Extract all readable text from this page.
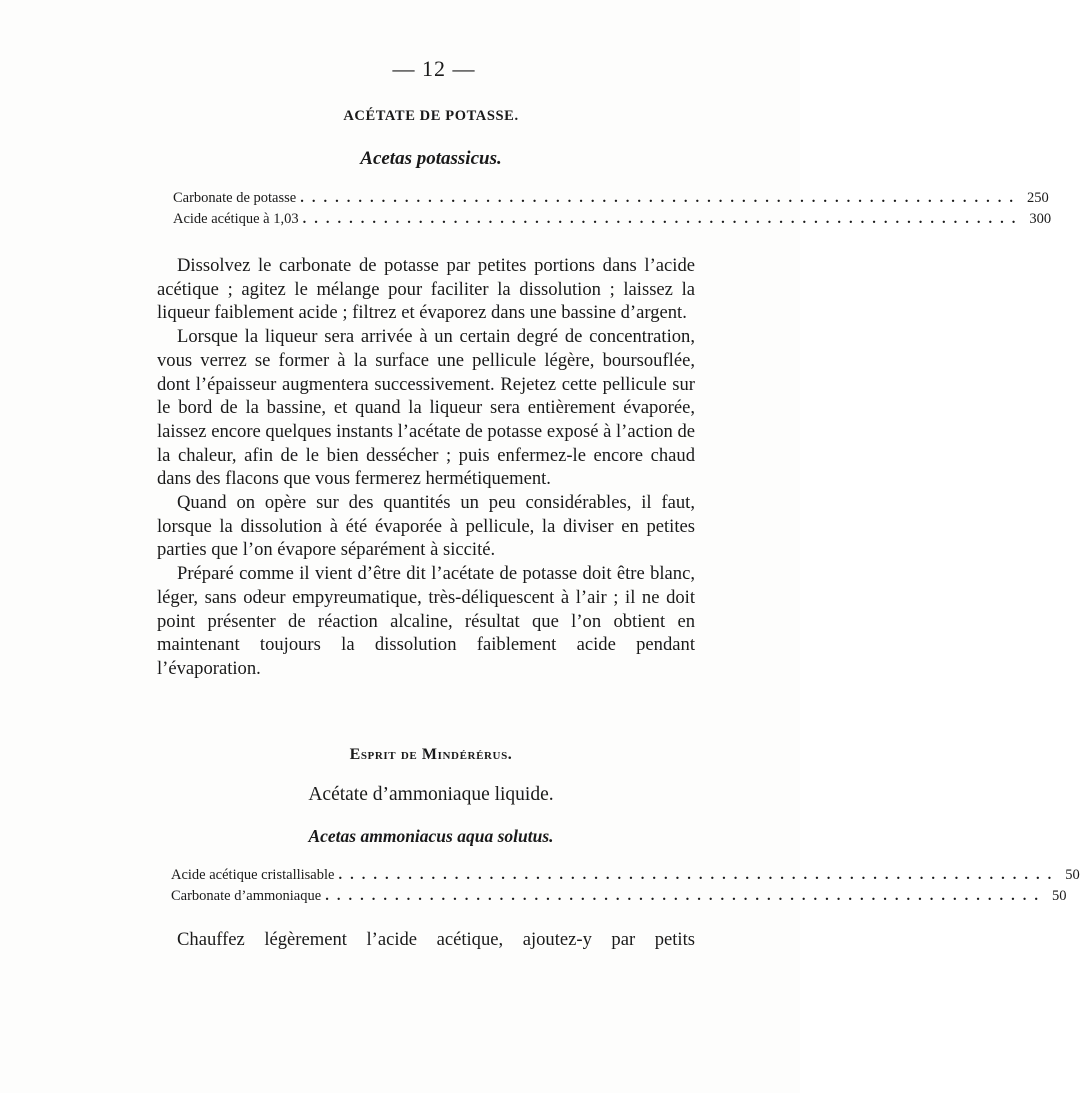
— 12 —
ACÉTATE DE POTASSE.
Acetas potassicus.
Carbonate de potasse .............................................................. 250
Acide acétique à 1,03 .............................................................. 300

Dissolvez le carbonate de potasse par petites portions dans l’acide acétique ; agitez le mélange pour faciliter la dissolution ; laissez la liqueur faiblement acide ; filtrez et évaporez dans une bassine d’argent.

Lorsque la liqueur sera arrivée à un certain degré de concentration, vous verrez se former à la surface une pellicule légère, boursouflée, dont l’épaisseur augmentera successivement. Rejetez cette pellicule sur le bord de la bassine, et quand la liqueur sera entièrement évaporée, laissez encore quelques instants l’acétate de potasse exposé à l’action de la chaleur, afin de le bien dessécher ; puis enfermez-le encore chaud dans des flacons que vous fermerez hermétiquement.

Quand on opère sur des quantités un peu considérables, il faut, lorsque la dissolution à été évaporée à pellicule, la diviser en petites parties que l’on évapore séparément à siccité.

Préparé comme il vient d’être dit l’acétate de potasse doit être blanc, léger, sans odeur empyreumatique, très-déliquescent à l’air ; il ne doit point présenter de réaction alcaline, résultat que l’on obtient en maintenant toujours la dissolution faiblement acide pendant l’évaporation.

Esprit de Mindérérus.
Acétate d’ammoniaque liquide.
Acetas ammoniacus aqua solutus.
Acide acétique cristallisable .............................................................. 50
Carbonate d’ammoniaque .............................................................. 50

Chauffez légèrement l’acide acétique, ajoutez-y par petits
